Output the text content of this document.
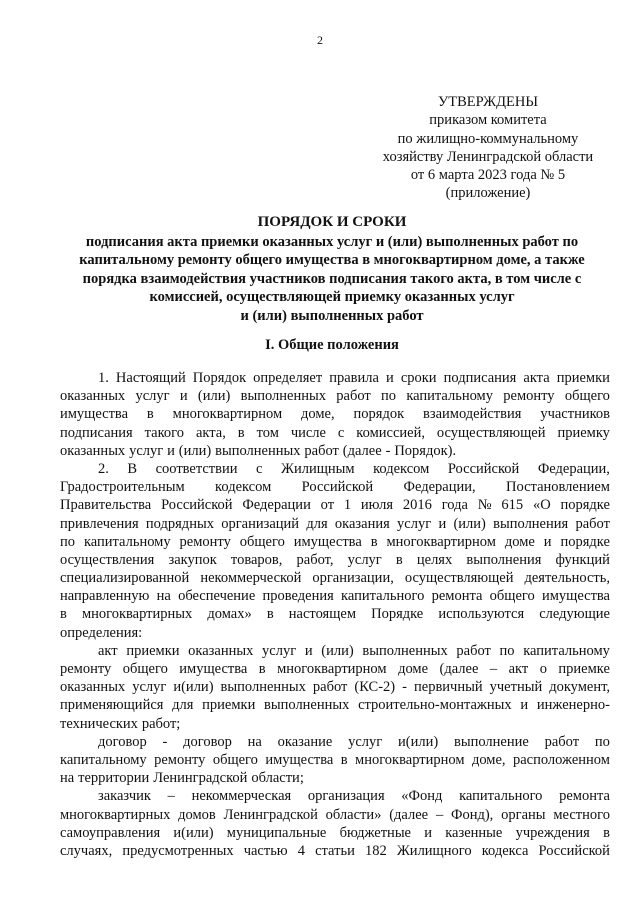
2
УТВЕРЖДЕНЫ
приказом комитета
по жилищно-коммунальному
хозяйству Ленинградской области
от 6 марта 2023 года № 5
(приложение)
ПОРЯДОК И СРОКИ
подписания акта приемки оказанных услуг и (или) выполненных работ по
капитальному ремонту общего имущества в многоквартирном доме, а также
порядка взаимодействия участников подписания такого акта, в том числе с
комиссией, осуществляющей приемку оказанных услуг
и (или) выполненных работ
I. Общие положения
1. Настоящий Порядок определяет правила и сроки подписания акта приемки
оказанных услуг и (или) выполненных работ по капитальному ремонту общего
имущества в многоквартирном доме, порядок взаимодействия участников
подписания такого акта, в том числе с комиссией, осуществляющей приемку
оказанных услуг и (или) выполненных работ (далее - Порядок).
2. В соответствии с Жилищным кодексом Российской Федерации,
Градостроительным кодексом Российской Федерации, Постановлением
Правительства Российской Федерации от 1 июля 2016 года № 615 «О порядке
привлечения подрядных организаций для оказания услуг и (или) выполнения работ
по капитальному ремонту общего имущества в многоквартирном доме и порядке
осуществления закупок товаров, работ, услуг в целях выполнения функций
специализированной некоммерческой организации, осуществляющей деятельность,
направленную на обеспечение проведения капитального ремонта общего имущества
в многоквартирных домах» в настоящем Порядке используются следующие
определения:
акт приемки оказанных услуг и (или) выполненных работ по капитальному
ремонту общего имущества в многоквартирном доме (далее – акт о приемке
оказанных услуг и(или) выполненных работ (КС-2) - первичный учетный документ,
применяющийся для приемки выполненных строительно-монтажных и инженерно-
технических работ;
договор - договор на оказание услуг и(или) выполнение работ по
капитальному ремонту общего имущества в многоквартирном доме, расположенном
на территории Ленинградской области;
заказчик – некоммерческая организация «Фонд капитального ремонта
многоквартирных домов Ленинградской области» (далее – Фонд), органы местного
самоуправления и(или) муниципальные бюджетные и казенные учреждения в
случаях, предусмотренных частью 4 статьи 182 Жилищного кодекса Российской
